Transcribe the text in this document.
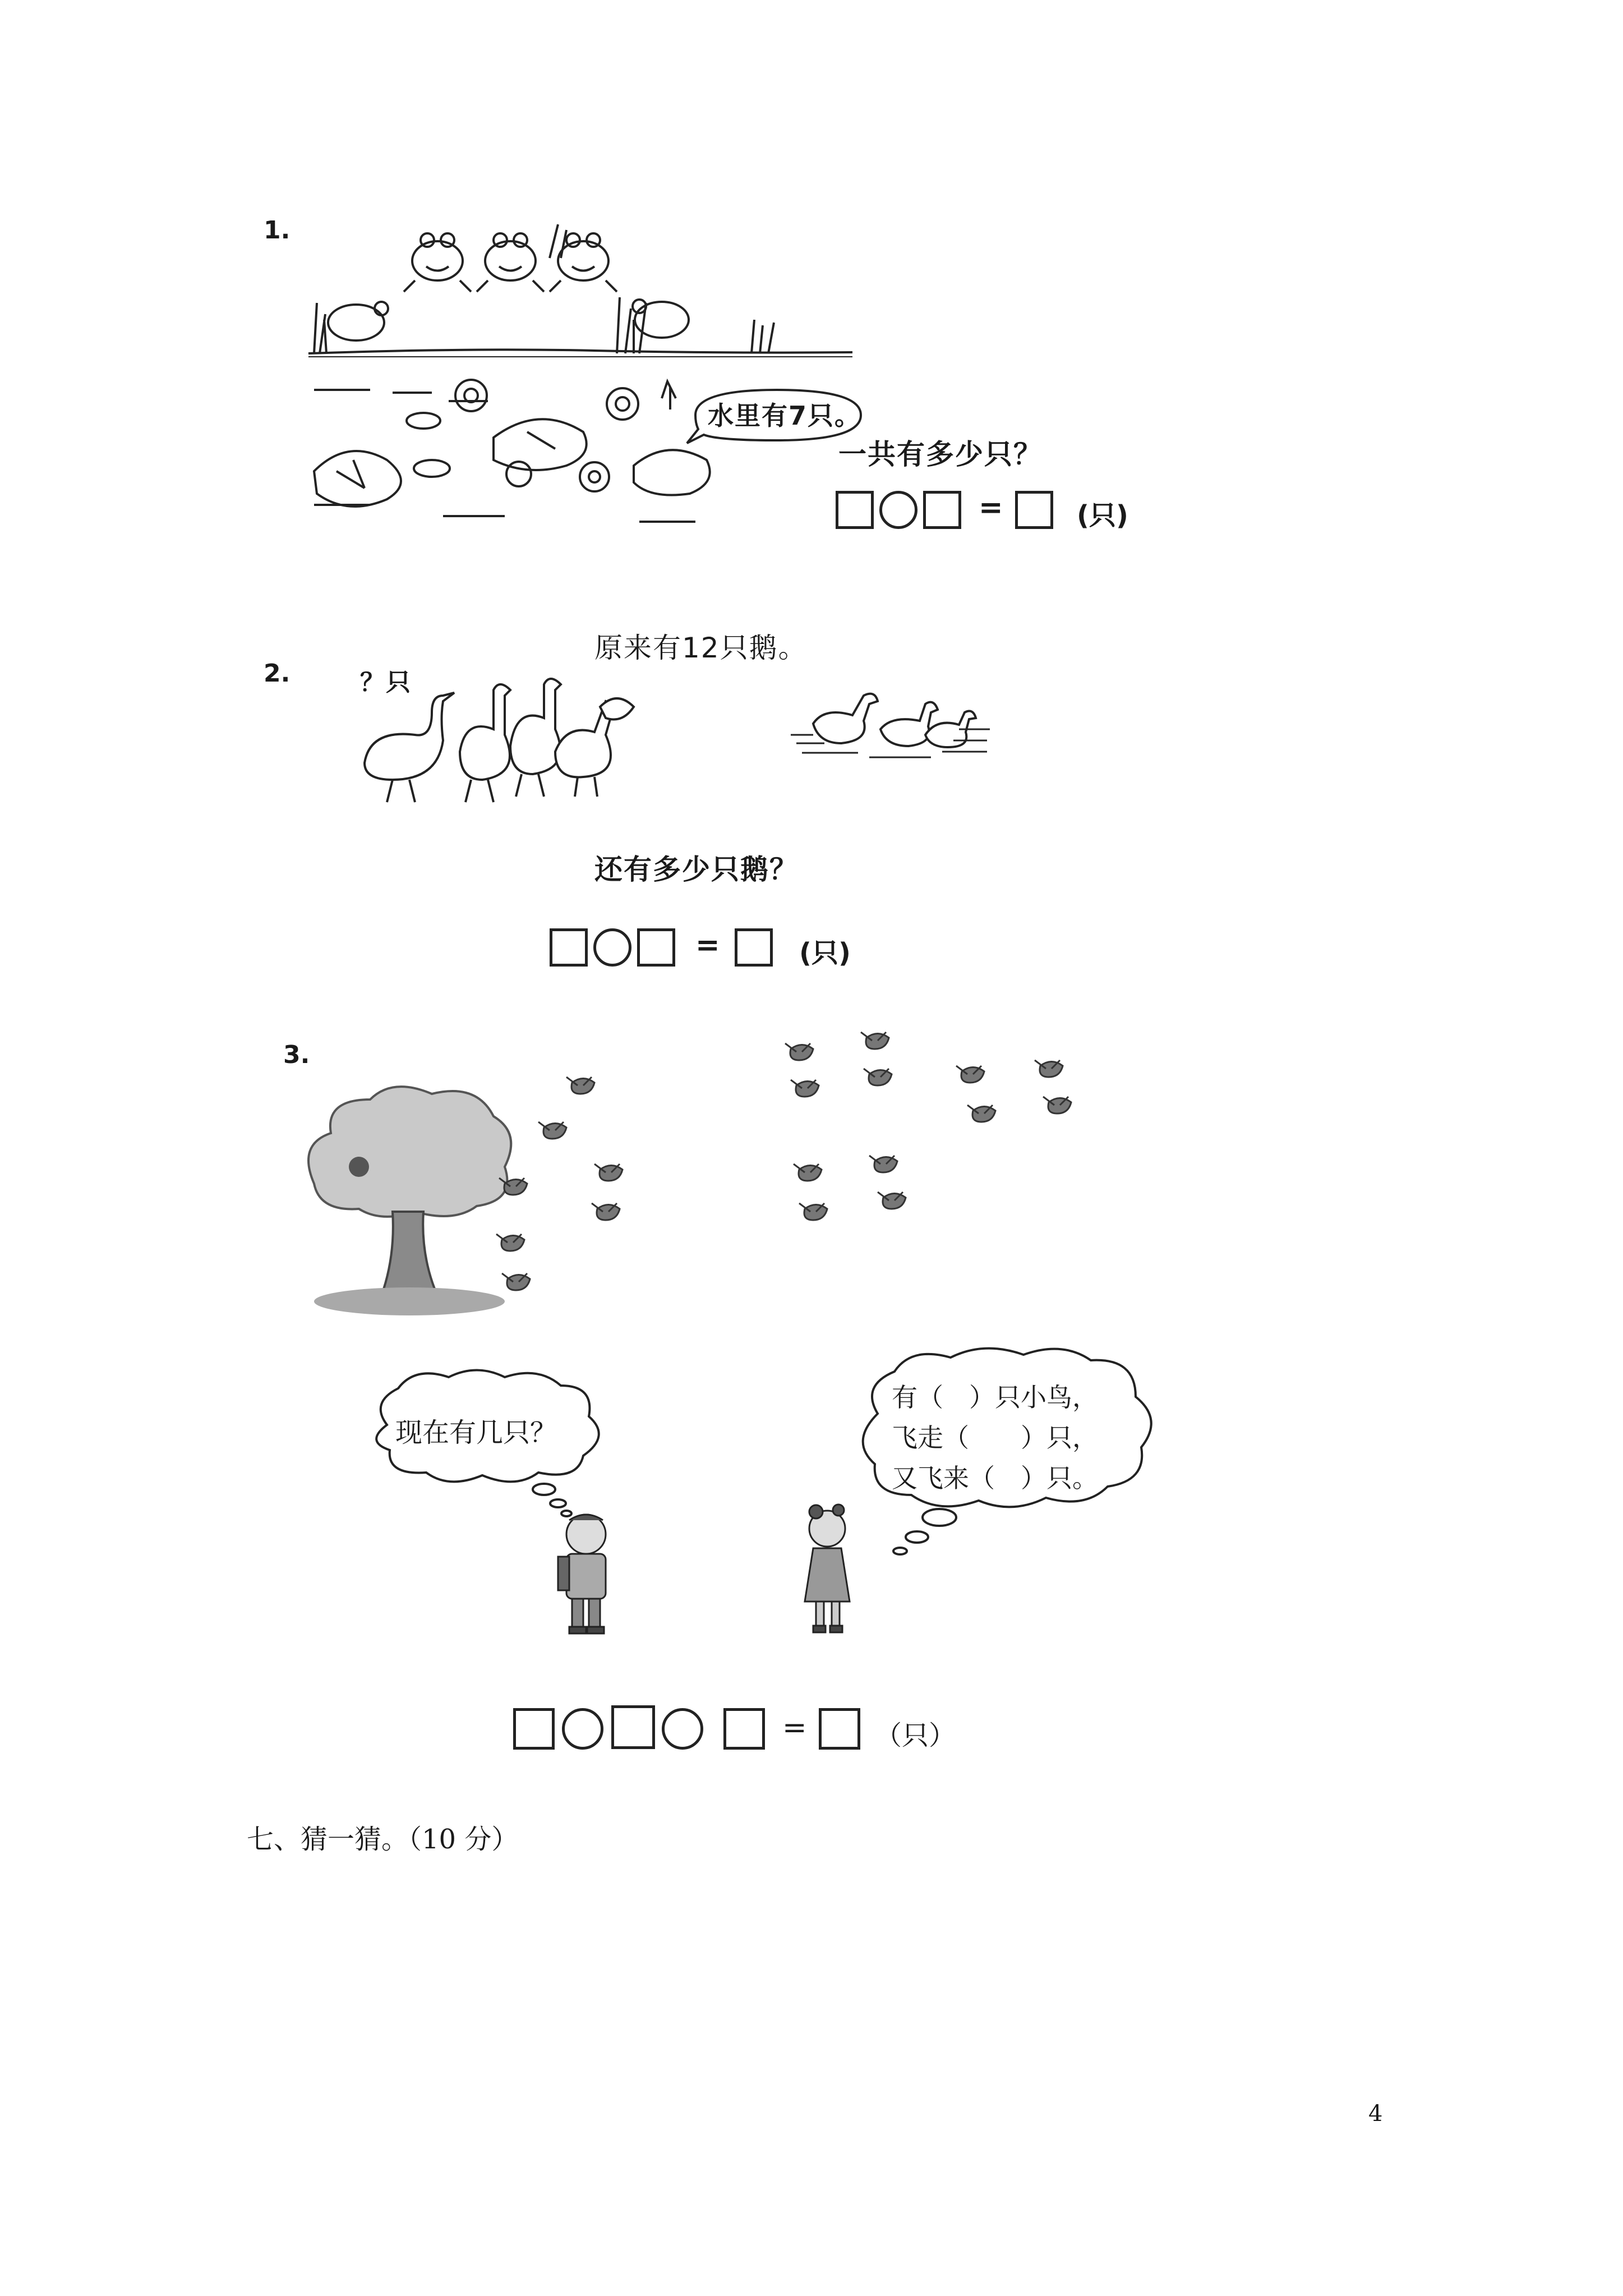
1.
水里有7只。
一共有多少只？
=	(只)
原来有12只鹅。
2.	？只
还有多少只鹅？
=	(只)
3.
现在有几只？
有（　）只小鸟，
飞走（　　）只，
又飞来（　）只。
=	（只）
七、猜一猜。（10 分）
4
